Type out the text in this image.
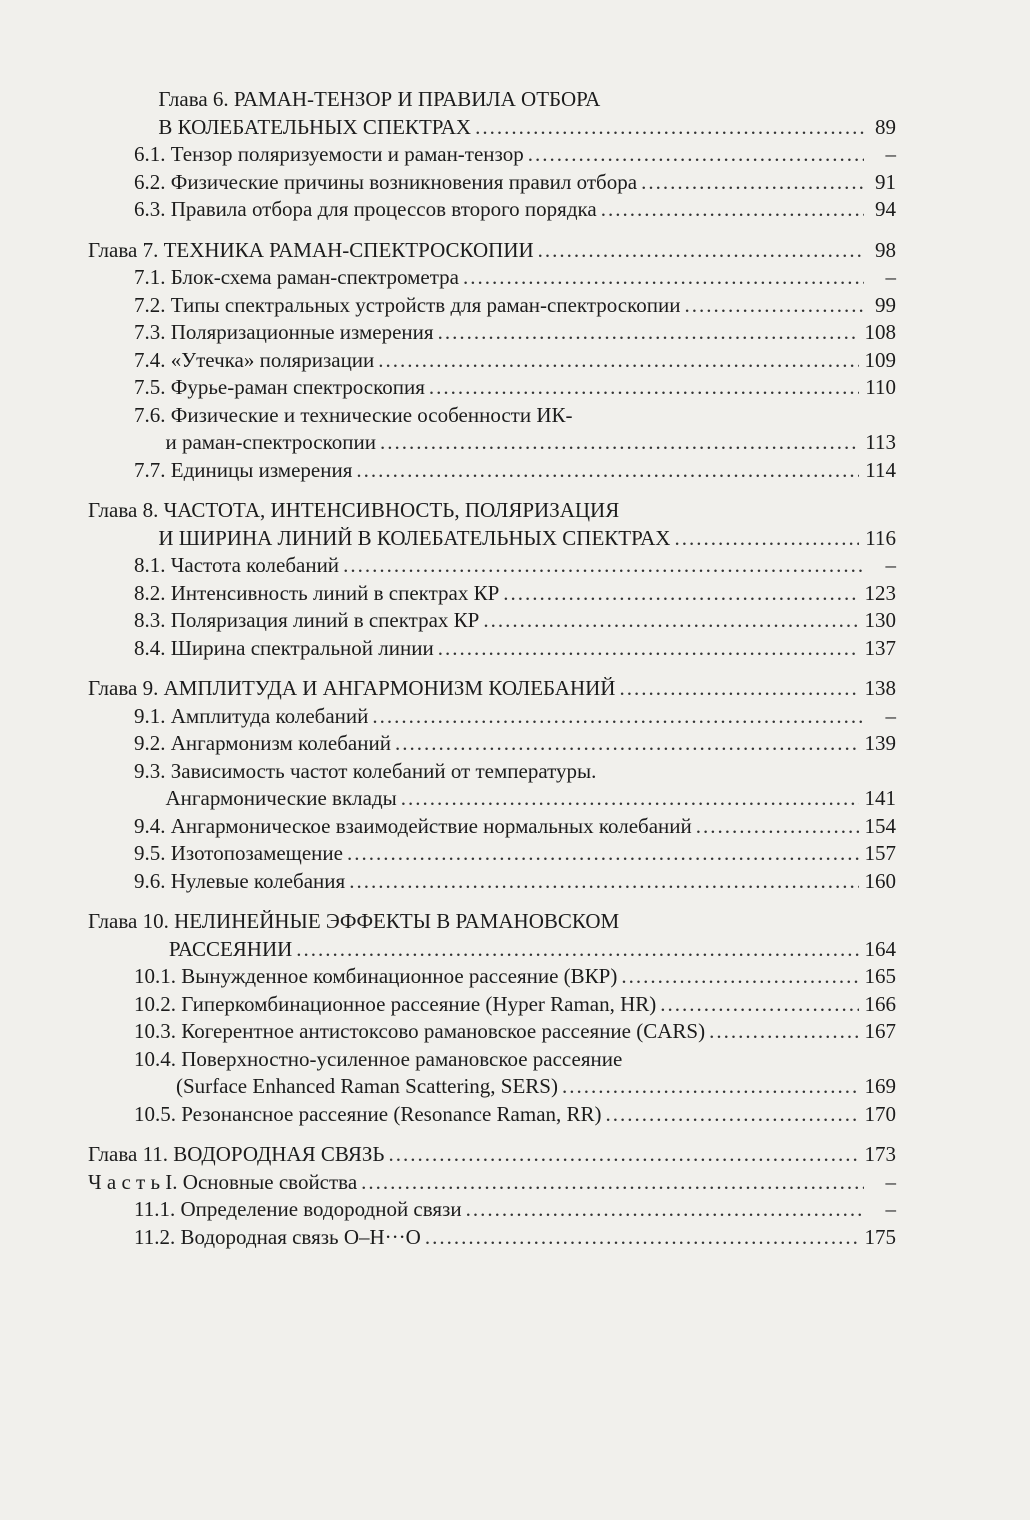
Глава 6. РАМАН-ТЕНЗОР И ПРАВИЛА ОТБОРА
В КОЛЕБАТЕЛЬНЫХ СПЕКТРАХ .....	89
6.1. Тензор поляризуемости и раман-тензор .....	–
6.2. Физические причины возникновения правил отбора .....	91
6.3. Правила отбора для процессов второго порядка .....	94
Глава 7. ТЕХНИКА РАМАН-СПЕКТРОСКОПИИ .....	98
7.1. Блок-схема раман-спектрометра .....	–
7.2. Типы спектральных устройств для раман-спектроскопии .....	99
7.3. Поляризационные измерения .....	108
7.4. «Утечка» поляризации .....	109
7.5. Фурье-раман спектроскопия .....	110
7.6. Физические и технические особенности ИК-
и раман-спектроскопии .....	113
7.7. Единицы измерения .....	114
Глава 8. ЧАСТОТА, ИНТЕНСИВНОСТЬ, ПОЛЯРИЗАЦИЯ
И ШИРИНА ЛИНИЙ В КОЛЕБАТЕЛЬНЫХ СПЕКТРАХ .....	116
8.1. Частота колебаний .....	–
8.2. Интенсивность линий в спектрах КР .....	123
8.3. Поляризация линий в спектрах КР .....	130
8.4. Ширина спектральной линии .....	137
Глава 9. АМПЛИТУДА И АНГАРМОНИЗМ КОЛЕБАНИЙ .....	138
9.1. Амплитуда колебаний .....	–
9.2. Ангармонизм колебаний .....	139
9.3. Зависимость частот колебаний от температуры.
Ангармонические вклады .....	141
9.4. Ангармоническое взаимодействие нормальных колебаний .....	154
9.5. Изотопозамещение .....	157
9.6. Нулевые колебания .....	160
Глава 10. НЕЛИНЕЙНЫЕ ЭФФЕКТЫ В РАМАНОВСКОМ
РАССЕЯНИИ .....	164
10.1. Вынужденное комбинационное рассеяние (ВКР) .....	165
10.2. Гиперкомбинационное рассеяние (Hyper Raman, HR) .....	166
10.3. Когерентное антистоксово рамановское рассеяние (CARS) .....	167
10.4. Поверхностно-усиленное рамановское рассеяние
(Surface Enhanced Raman Scattering, SERS) .....	169
10.5. Резонансное рассеяние (Resonance Raman, RR) .....	170
Глава 11. ВОДОРОДНАЯ СВЯЗЬ .....	173
Ч а с т ь I. Основные свойства .....	–
11.1. Определение водородной связи .....	–
11.2. Водородная связь O–H···O .....	175
